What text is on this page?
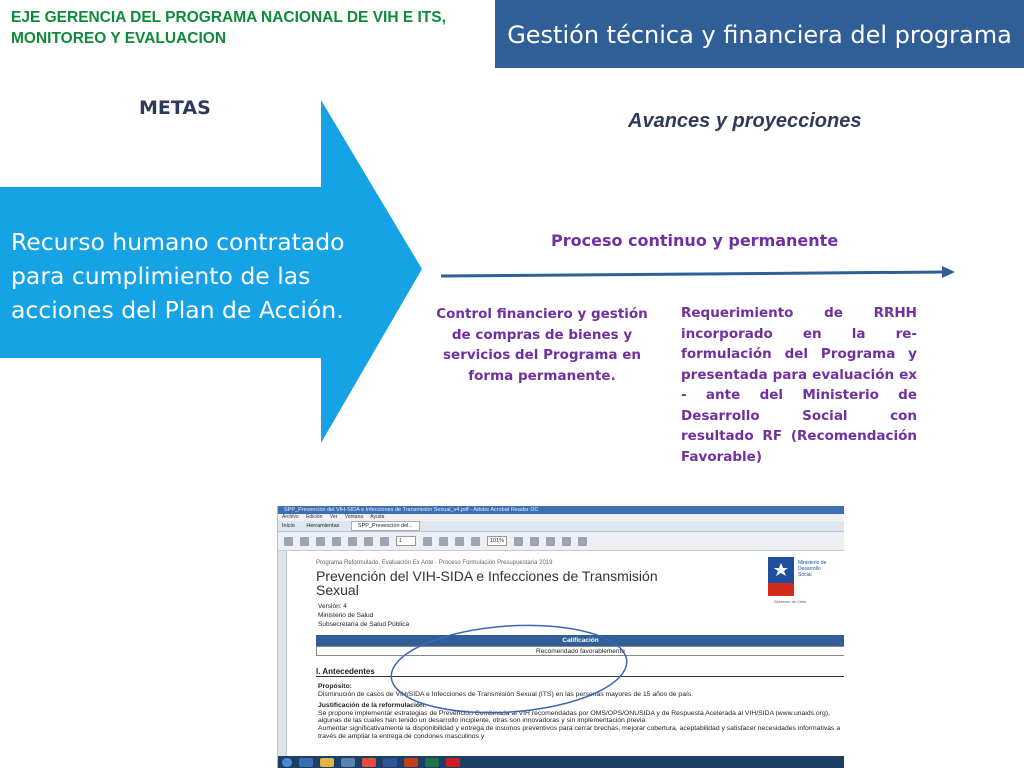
EJE GERENCIA DEL PROGRAMA NACIONAL DE VIH E ITS, MONITOREO Y EVALUACION	Gestión técnica y financiera del programa
METAS
Avances y proyecciones
Recurso humano contratado para cumplimiento de las acciones del Plan de Acción.
Proceso continuo y permanente
Control financiero y gestión de compras de bienes y servicios del Programa en forma permanente.
Requerimiento de RRHH incorporado en la re-formulación del Programa y presentada para evaluación ex - ante del Ministerio de Desarrollo Social con resultado RF (Recomendación Favorable)
SPP_Prevención del VIH-SIDA e Infecciones de Transmisión Sexual_v4.pdf - Adobe Acrobat Reader DC
Archivo Edición Ver Ventana Ayuda
Inicio Herramientas	SPP_Prevención del...
1	101%
Programa Reformulado, Evaluación Ex Ante - Proceso Formulación Presupuestaria 2019
Prevención del VIH-SIDA e Infecciones de Transmisión Sexual
Versión: 4
Ministerio de Salud
Subsecretaría de Salud Pública
Ministerio de
Desarrollo
Social
Gobierno de Chile
Calificación
Recomendado favorablemente
I. Antecedentes
Propósito:
Disminución de casos de VIH/SIDA e Infecciones de Transmisión Sexual (ITS) en las personas mayores de 15 años de país.
Justificación de la reformulación:
Se propone implementar estrategias de Prevención Combinada al VIH recomendadas por OMS/OPS/ONUSIDA y de Respuesta Acelerada al VIH/SIDA (www.unaids.org), algunas de las cuales han tenido un desarrollo incipiente, otras son innovadoras y sin implementación previa:
Aumentar significativamente la disponibilidad y entrega de insumos preventivos para cerrar brechas, mejorar cobertura, aceptabilidad y satisfacer necesidades informativas a través de ampliar la entrega de condones masculinos y
